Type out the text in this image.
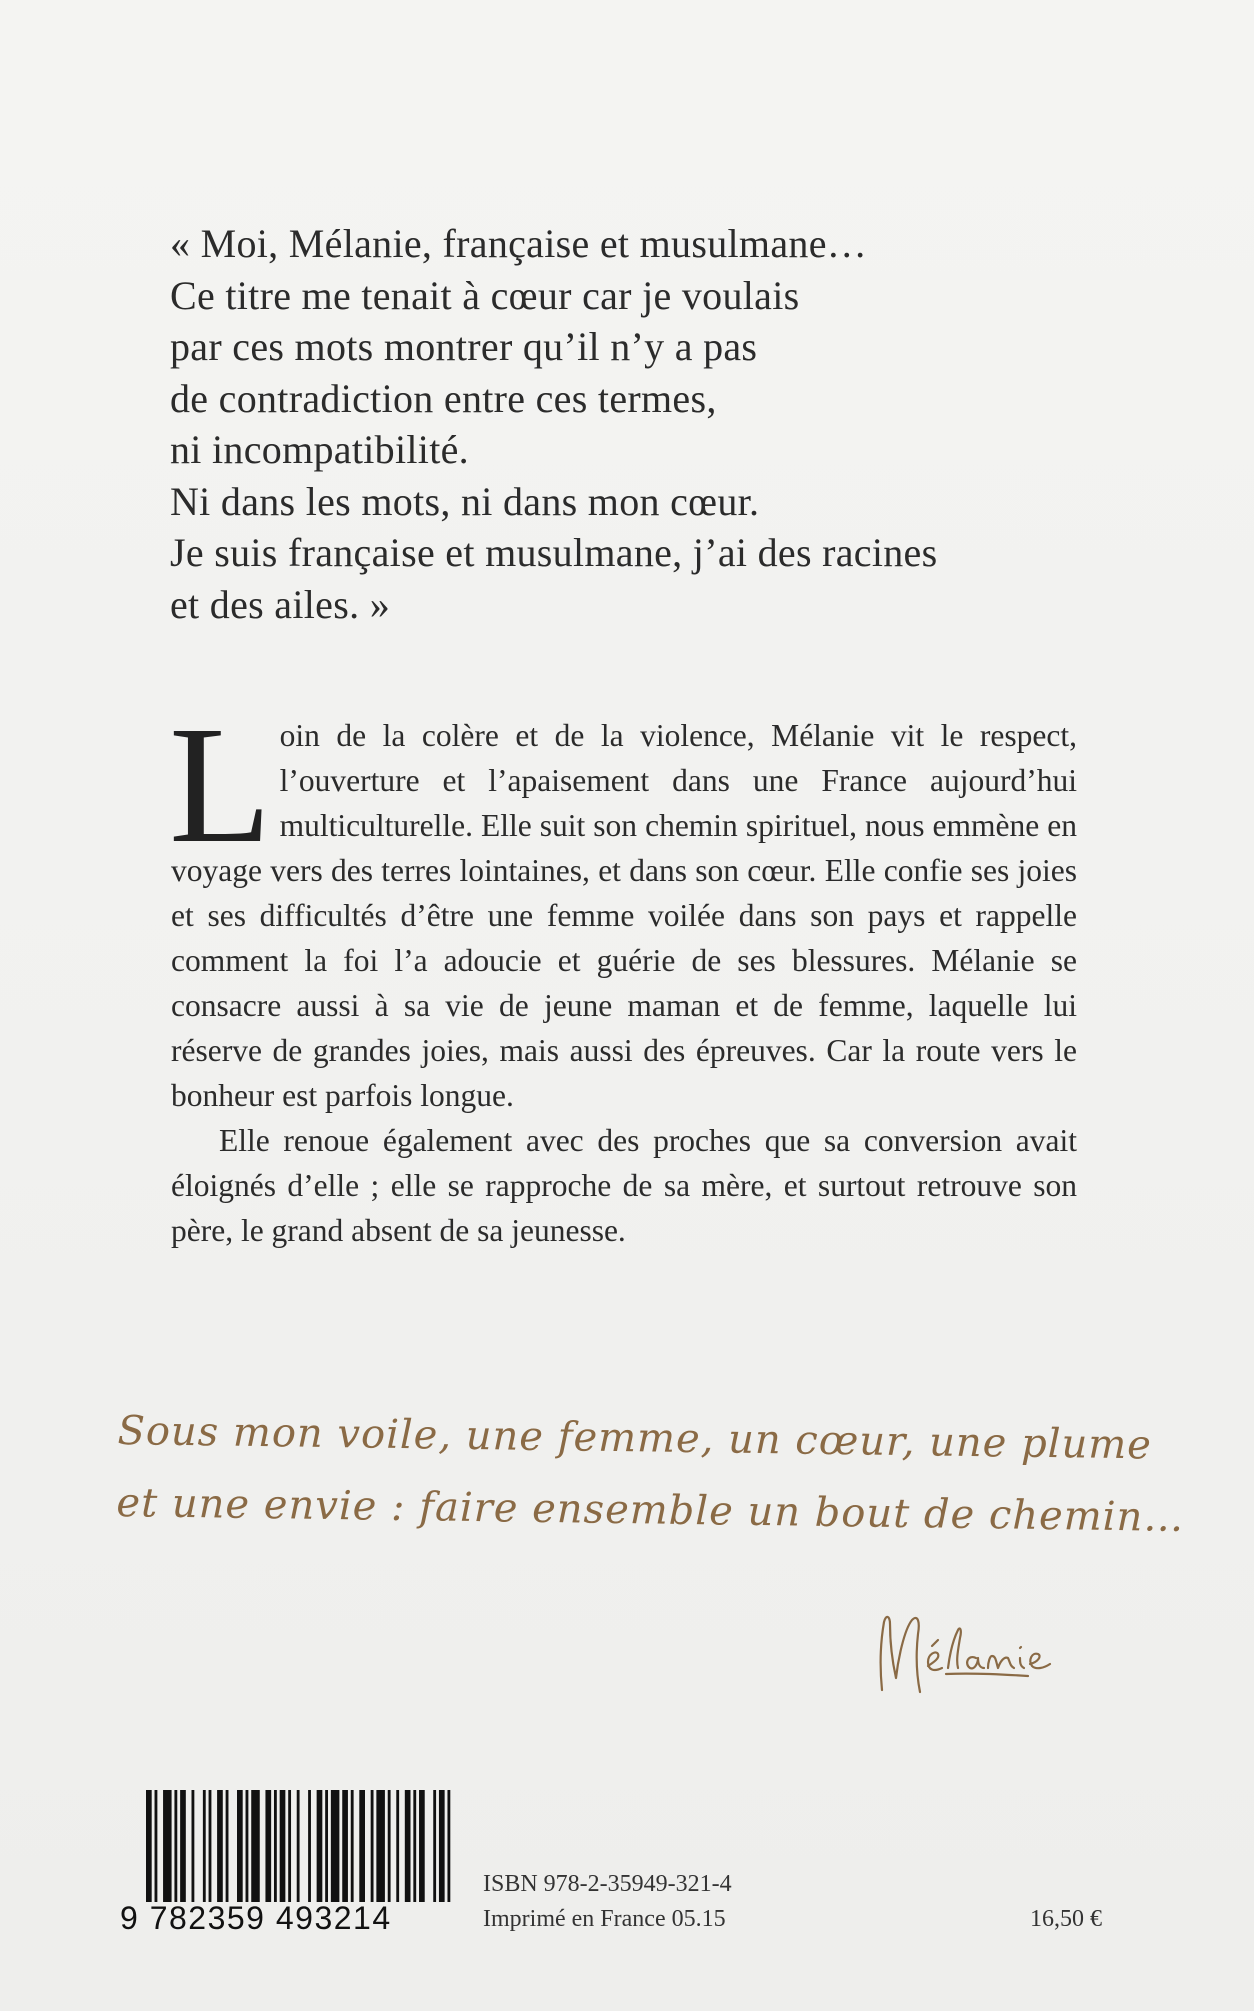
« Moi, Mélanie, française et musulmane…
Ce titre me tenait à cœur car je voulais
par ces mots montrer qu’il n’y a pas
de contradiction entre ces termes,
ni incompatibilité.
Ni dans les mots, ni dans mon cœur.
Je suis française et musulmane, j’ai des racines
et des ailes. »

Loin de la colère et de la violence, Mélanie vit le respect, l’ouverture et l’apaisement dans une France aujourd’hui multiculturelle. Elle suit son chemin spirituel, nous emmène en voyage vers des terres lointaines, et dans son cœur. Elle confie ses joies et ses difficultés d’être une femme voilée dans son pays et rappelle comment la foi l’a adoucie et guérie de ses blessures. Mélanie se consacre aussi à sa vie de jeune maman et de femme, laquelle lui réserve de grandes joies, mais aussi des épreuves. Car la route vers le bonheur est parfois longue.

Elle renoue également avec des proches que sa conversion avait éloignés d’elle ; elle se rapproche de sa mère, et surtout retrouve son père, le grand absent de sa jeunesse.

Sous mon voile, une femme, un cœur, une plume
et une envie : faire ensemble un bout de chemin…
9 782359 493214
ISBN 978-2-35949-321-4
Imprimé en France 05.15	16,50 €
